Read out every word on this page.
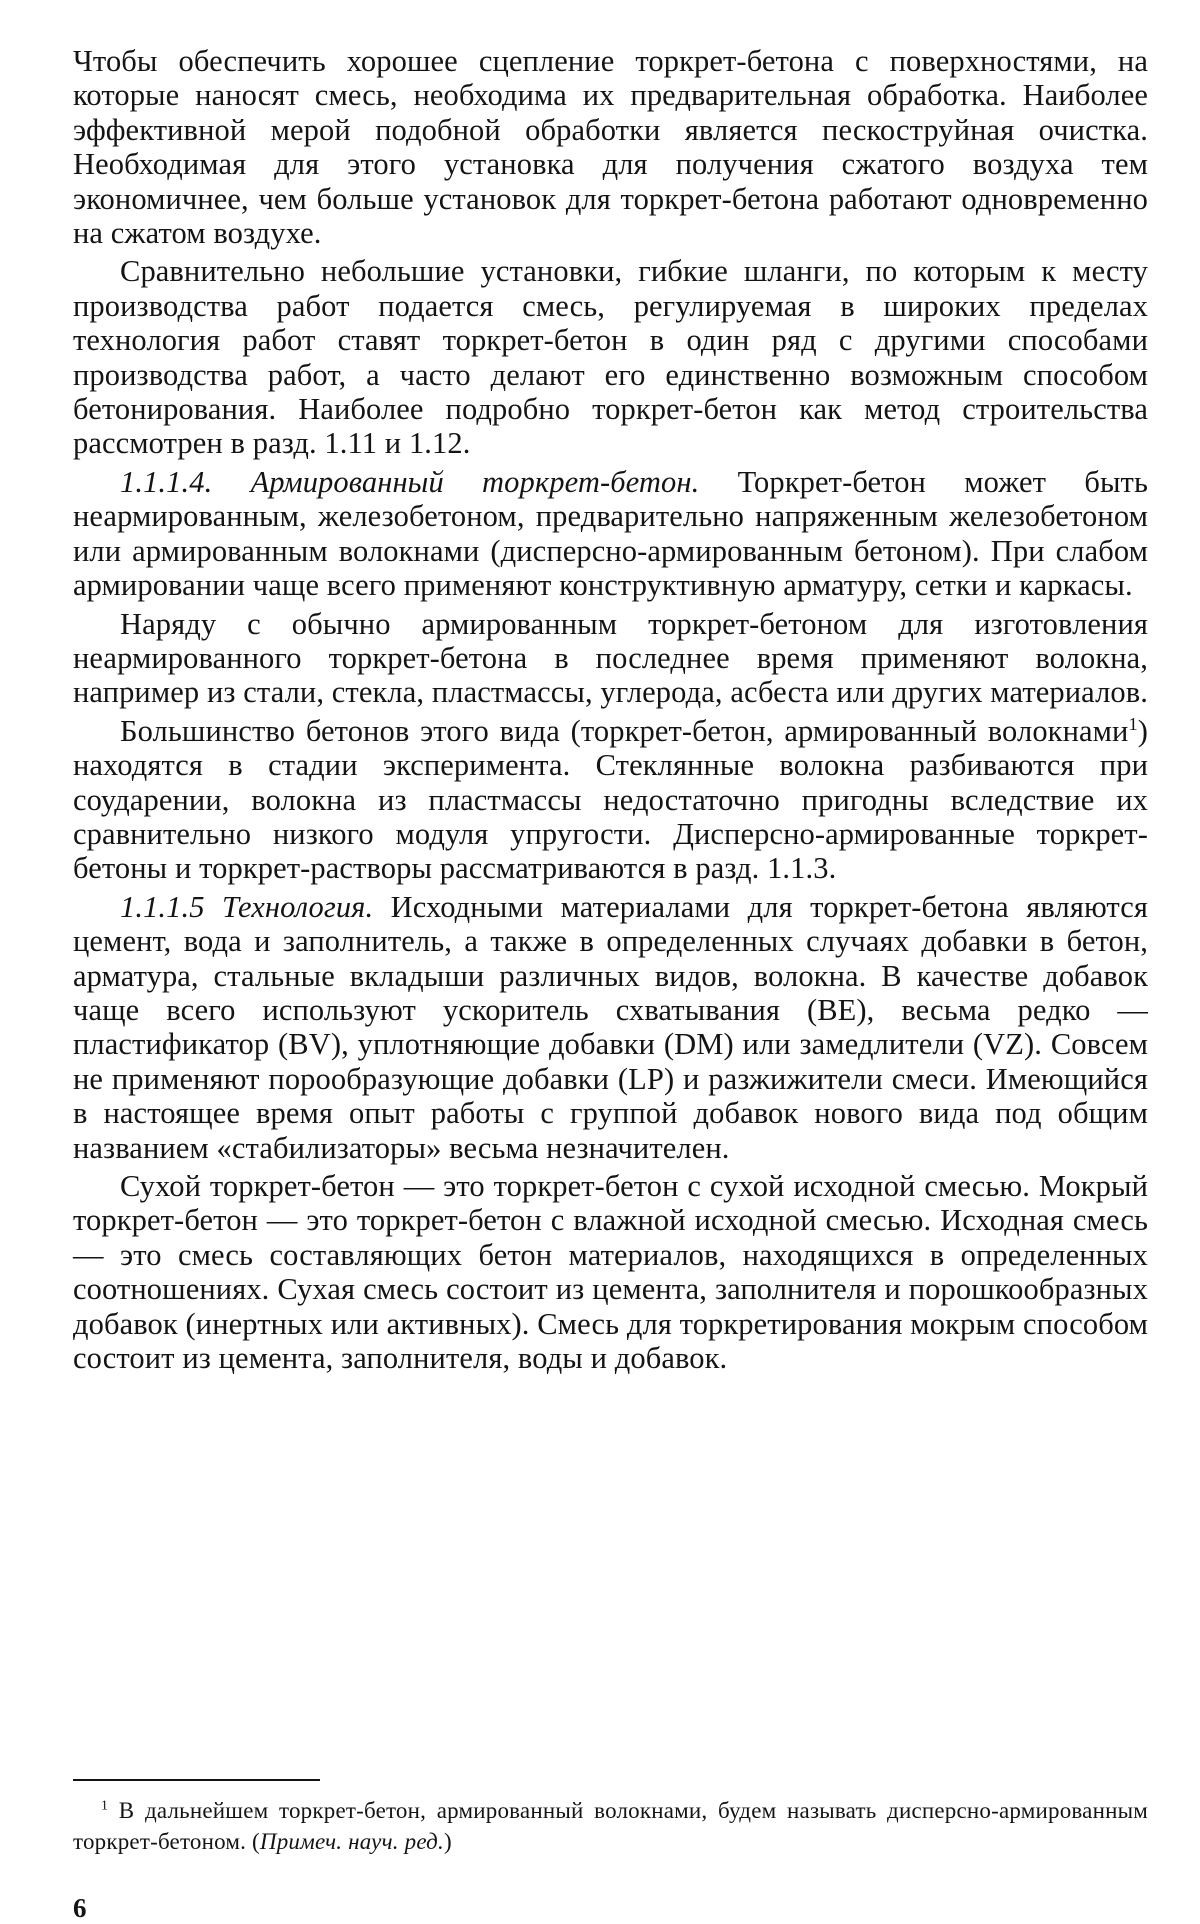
Чтобы обеспечить хорошее сцепление торкрет-бетона с поверхностями, на которые наносят смесь, необходима их предварительная обработка. Наиболее эффективной мерой подобной обработки является пескоструйная очистка. Необходимая для этого установка для получения сжатого воздуха тем экономичнее, чем больше установок для торкрет-бетона работают одновременно на сжатом воздухе.

Сравнительно небольшие установки, гибкие шланги, по которым к месту производства работ подается смесь, регулируемая в широких пределах технология работ ставят торкрет-бетон в один ряд с другими способами производства работ, а часто делают его единственно возможным способом бетонирования. Наиболее подробно торкрет-бетон как метод строительства рассмотрен в разд. 1.11 и 1.12.

1.1.1.4. Армированный торкрет-бетон. Торкрет-бетон может быть неармированным, железобетоном, предварительно напряженным железобетоном или армированным волокнами (дисперсно-армированным бетоном). При слабом армировании чаще всего применяют конструктивную арматуру, сетки и каркасы.

Наряду с обычно армированным торкрет-бетоном для изготовления неармированного торкрет-бетона в последнее время применяют волокна, например из стали, стекла, пластмассы, углерода, асбеста или других материалов.

Большинство бетонов этого вида (торкрет-бетон, армированный волокнами$^1$) находятся в стадии эксперимента. Стеклянные волокна разбиваются при соударении, волокна из пластмассы недостаточно пригодны вследствие их сравнительно низкого модуля упругости. Дисперсно-армированные торкрет-бетоны и торкрет-растворы рассматриваются в разд. 1.1.3.

1.1.1.5 Технология. Исходными материалами для торкрет-бетона являются цемент, вода и заполнитель, а также в определенных случаях добавки в бетон, арматура, стальные вкладыши различных видов, волокна. В качестве добавок чаще всего используют ускоритель схватывания (BE), весьма редко — пластификатор (BV), уплотняющие добавки (DM) или замедлители (VZ). Совсем не применяют порообразующие добавки (LP) и разжижители смеси. Имеющийся в настоящее время опыт работы с группой добавок нового вида под общим названием «стабилизаторы» весьма незначителен.

Сухой торкрет-бетон — это торкрет-бетон с сухой исходной смесью. Мокрый торкрет-бетон — это торкрет-бетон с влажной исходной смесью. Исходная смесь — это смесь составляющих бетон материалов, находящихся в определенных соотношениях. Сухая смесь состоит из цемента, заполнителя и порошкообразных добавок (инертных или активных). Смесь для торкретирования мокрым способом состоит из цемента, заполнителя, воды и добавок.

$^1$ В дальнейшем торкрет-бетон, армированный волокнами, будем называть дисперсно-армированным торкрет-бетоном. (Примеч. науч. ред.)

6
